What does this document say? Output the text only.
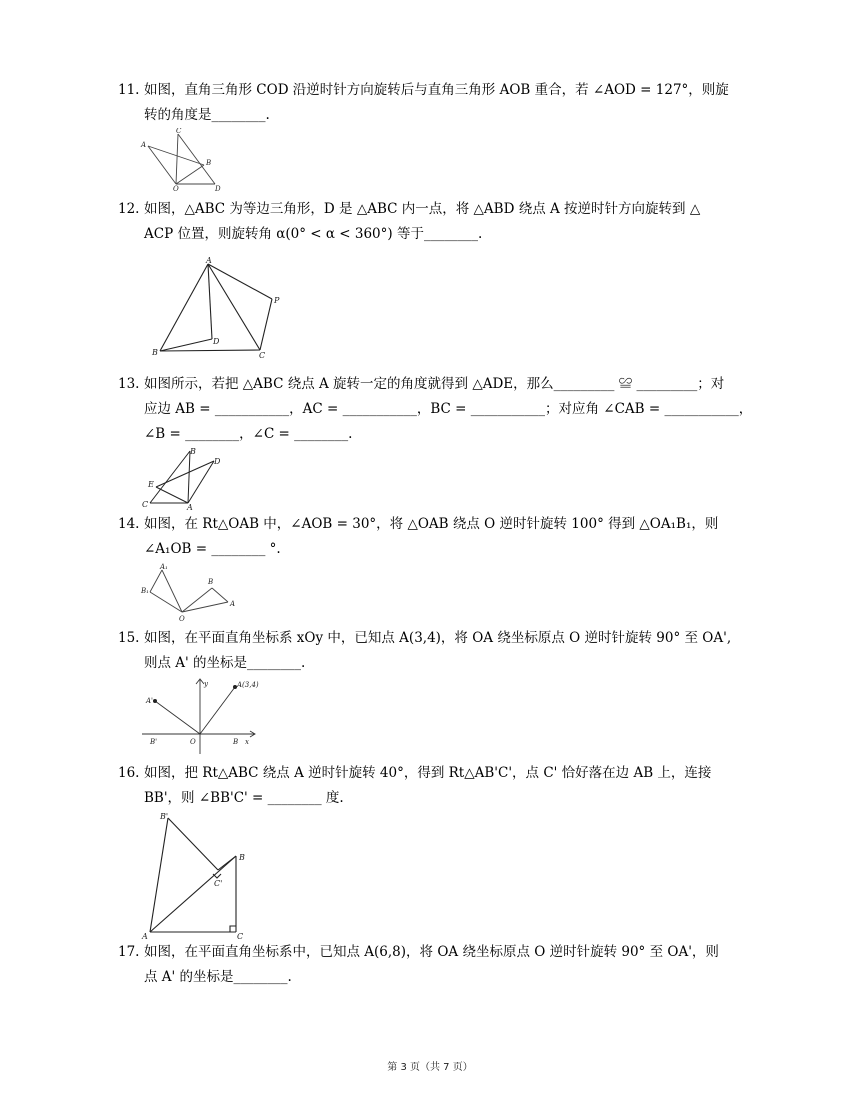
11. 如图，直角三角形 COD 沿逆时针方向旋转后与直角三角形 AOB 重合，若 ∠AOD = 127°，则旋
转的角度是________.
C
A
B
O	D
12. 如图，△ABC 为等边三角形，D 是 △ABC 内一点，将 △ABD 绕点 A 按逆时针方向旋转到 △
ACP 位置，则旋转角 α(0° < α < 360°) 等于________.
A
P
B
D
C
13. 如图所示，若把 △ABC 绕点 A 旋转一定的角度就得到 △ADE，那么_________ ≌ _________；对
应边 AB = ___________，AC = ___________，BC = ___________；对应角 ∠CAB = ___________，
∠B = ________，∠C = ________.
B
D
E
C	A
14. 如图，在 Rt△OAB 中，∠AOB = 30°，将 △OAB 绕点 O 逆时针旋转 100° 得到 △OA₁B₁，则
∠A₁OB = ________ °.
A₁
B₁
B
A
O
15. 如图，在平面直角坐标系 xOy 中，已知点 A(3,4)，将 OA 绕坐标原点 O 逆时针旋转 90° 至 OA',
则点 A' 的坐标是________.
y	A(3,4)
A'
B'	O	B x
16. 如图，把 Rt△ABC 绕点 A 逆时针旋转 40°，得到 Rt△AB'C'，点 C' 恰好落在边 AB 上，连接
BB'，则 ∠BB'C' = ________ 度.
B'
B
C'
A	C
17. 如图，在平面直角坐标系中，已知点 A(6,8)，将 OA 绕坐标原点 O 逆时针旋转 90° 至 OA'，则
点 A' 的坐标是________.
第 3 页（共 7 页）
